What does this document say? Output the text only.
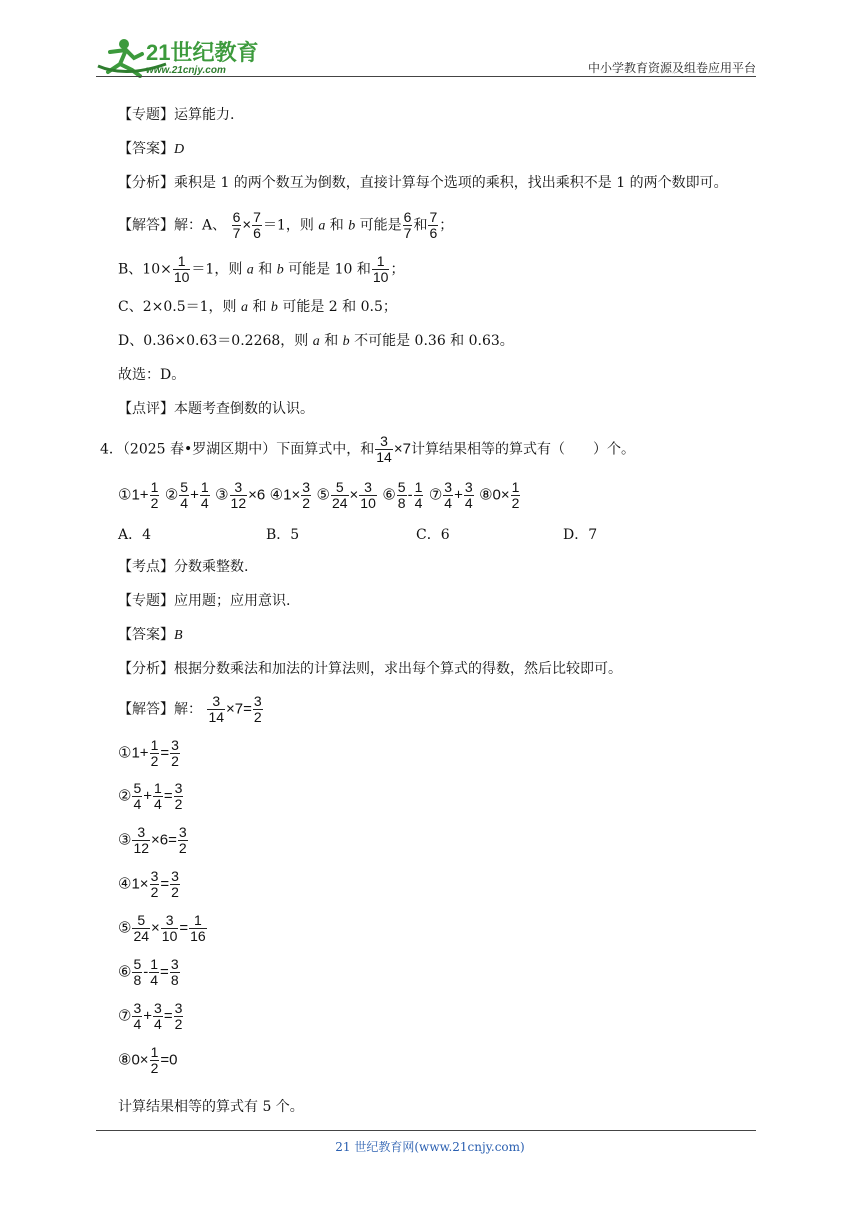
21世纪教育
www.21cnjy.com	中小学教育资源及组卷应用平台
【专题】运算能力.
【答案】D
【分析】乘积是 1 的两个数互为倒数，直接计算每个选项的乘积，找出乘积不是 1 的两个数即可。
【解答】解：A、 $\frac{6}{7} \times \frac{7}{6} =1$，则 a 和 b 可能是 $\frac{6}{7}$ 和 $\frac{7}{6}$ ；
B、$10\times \frac{1}{10} =1$，则 a 和 b 可能是 10 和 $\frac{1}{10}$ ；
C、2×0.5＝1，则 a 和 b 可能是 2 和 0.5；
D、0.36×0.63＝0.2268，则 a 和 b 不可能是 0.36 和 0.63。
故选：D。
【点评】本题考查倒数的认识。
4．（2025 春•罗湖区期中）下面算式中，和 $\frac{3}{14} \times 7$计算结果相等的算式有（　　）个。
①1+ $\frac{1}{2}$ ② $\frac{5}{4} + \frac{1}{4}$ ③ $\frac{3}{12} \times 6$ ④1× $\frac{3}{2}$ ⑤ $\frac{5}{24} \times \frac{3}{10}$ ⑥ $\frac{5}{8} - \frac{1}{4}$ ⑦ $\frac{3}{4} + \frac{3}{4}$ ⑧0× $\frac{1}{2}$
A．4	B．5	C．6	D．7
【考点】分数乘整数.
【专题】应用题；应用意识.
【答案】B
【分析】根据分数乘法和加法的计算法则，求出每个算式的得数，然后比较即可。
【解答】解： $\frac{3}{14} \times 7= \frac{3}{2}$
①1+ $\frac{1}{2} = \frac{3}{2}$
② $\frac{5}{4} + \frac{1}{4} = \frac{3}{2}$
③ $\frac{3}{12} \times 6= \frac{3}{2}$
④1× $\frac{3}{2} = \frac{3}{2}$
⑤ $\frac{5}{24} \times \frac{3}{10} = \frac{1}{16}$
⑥ $\frac{5}{8} - \frac{1}{4} = \frac{3}{8}$
⑦ $\frac{3}{4} + \frac{3}{4} = \frac{3}{2}$
⑧0× $\frac{1}{2} =0$
计算结果相等的算式有 5 个。
21 世纪教育网(www.21cnjy.com)
